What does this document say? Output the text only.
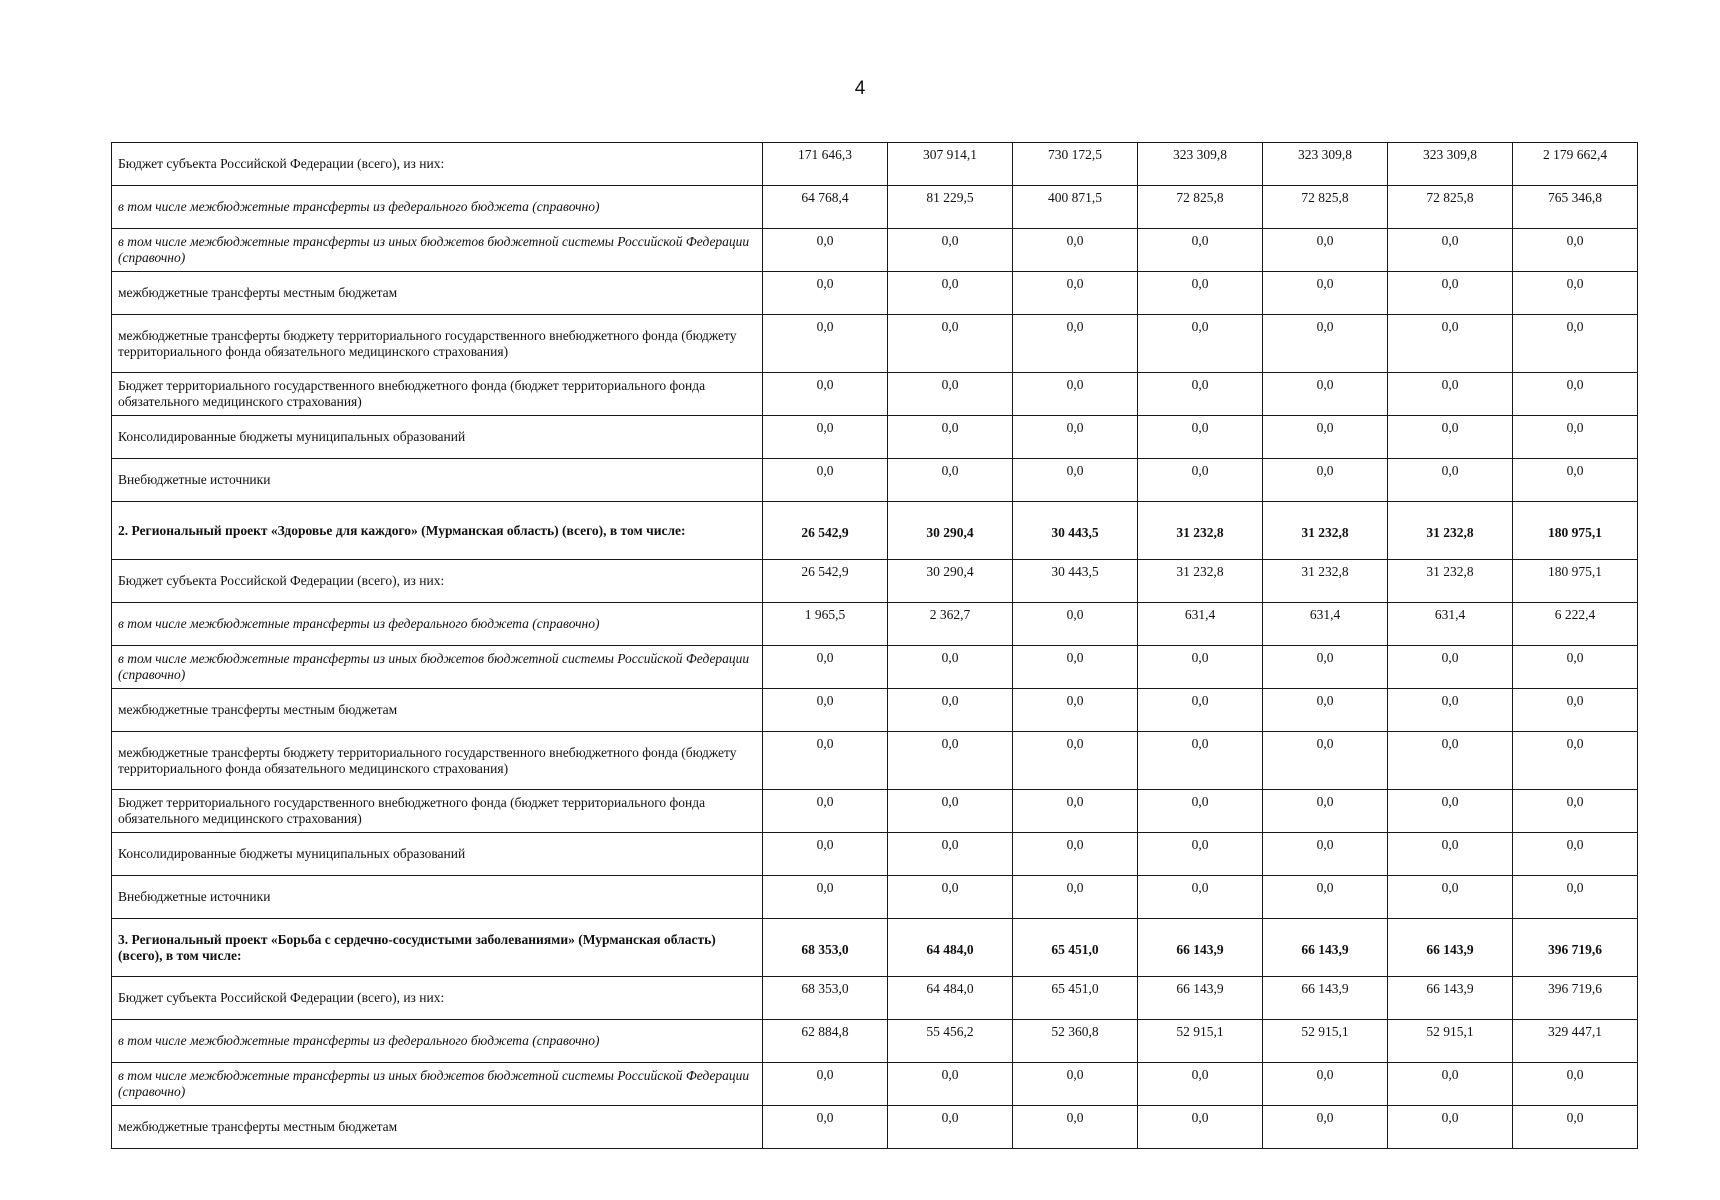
4
Бюджет субъекта Российской Федерации (всего), из них:	171 646,3	307 914,1	730 172,5	323 309,8	323 309,8	323 309,8	2 179 662,4
в том числе межбюджетные трансферты из федерального бюджета (справочно)	64 768,4	81 229,5	400 871,5	72 825,8	72 825,8	72 825,8	765 346,8
в том числе межбюджетные трансферты из иных бюджетов бюджетной системы Российской Федерации (справочно)	0,0	0,0	0,0	0,0	0,0	0,0	0,0
межбюджетные трансферты местным бюджетам	0,0	0,0	0,0	0,0	0,0	0,0	0,0
межбюджетные трансферты бюджету территориального государственного внебюджетного фонда (бюджету территориального фонда обязательного медицинского страхования)	0,0	0,0	0,0	0,0	0,0	0,0	0,0
Бюджет территориального государственного внебюджетного фонда (бюджет территориального фонда обязательного медицинского страхования)	0,0	0,0	0,0	0,0	0,0	0,0	0,0
Консолидированные бюджеты муниципальных образований	0,0	0,0	0,0	0,0	0,0	0,0	0,0
Внебюджетные источники	0,0	0,0	0,0	0,0	0,0	0,0	0,0
2. Региональный проект «Здоровье для каждого» (Мурманская область) (всего), в том числе:	26 542,9	30 290,4	30 443,5	31 232,8	31 232,8	31 232,8	180 975,1
Бюджет субъекта Российской Федерации (всего), из них:	26 542,9	30 290,4	30 443,5	31 232,8	31 232,8	31 232,8	180 975,1
в том числе межбюджетные трансферты из федерального бюджета (справочно)	1 965,5	2 362,7	0,0	631,4	631,4	631,4	6 222,4
в том числе межбюджетные трансферты из иных бюджетов бюджетной системы Российской Федерации (справочно)	0,0	0,0	0,0	0,0	0,0	0,0	0,0
межбюджетные трансферты местным бюджетам	0,0	0,0	0,0	0,0	0,0	0,0	0,0
межбюджетные трансферты бюджету территориального государственного внебюджетного фонда (бюджету территориального фонда обязательного медицинского страхования)	0,0	0,0	0,0	0,0	0,0	0,0	0,0
Бюджет территориального государственного внебюджетного фонда (бюджет территориального фонда обязательного медицинского страхования)	0,0	0,0	0,0	0,0	0,0	0,0	0,0
Консолидированные бюджеты муниципальных образований	0,0	0,0	0,0	0,0	0,0	0,0	0,0
Внебюджетные источники	0,0	0,0	0,0	0,0	0,0	0,0	0,0
3. Региональный проект «Борьба с сердечно-сосудистыми заболеваниями» (Мурманская область) (всего), в том числе:	68 353,0	64 484,0	65 451,0	66 143,9	66 143,9	66 143,9	396 719,6
Бюджет субъекта Российской Федерации (всего), из них:	68 353,0	64 484,0	65 451,0	66 143,9	66 143,9	66 143,9	396 719,6
в том числе межбюджетные трансферты из федерального бюджета (справочно)	62 884,8	55 456,2	52 360,8	52 915,1	52 915,1	52 915,1	329 447,1
в том числе межбюджетные трансферты из иных бюджетов бюджетной системы Российской Федерации (справочно)	0,0	0,0	0,0	0,0	0,0	0,0	0,0
межбюджетные трансферты местным бюджетам	0,0	0,0	0,0	0,0	0,0	0,0	0,0
